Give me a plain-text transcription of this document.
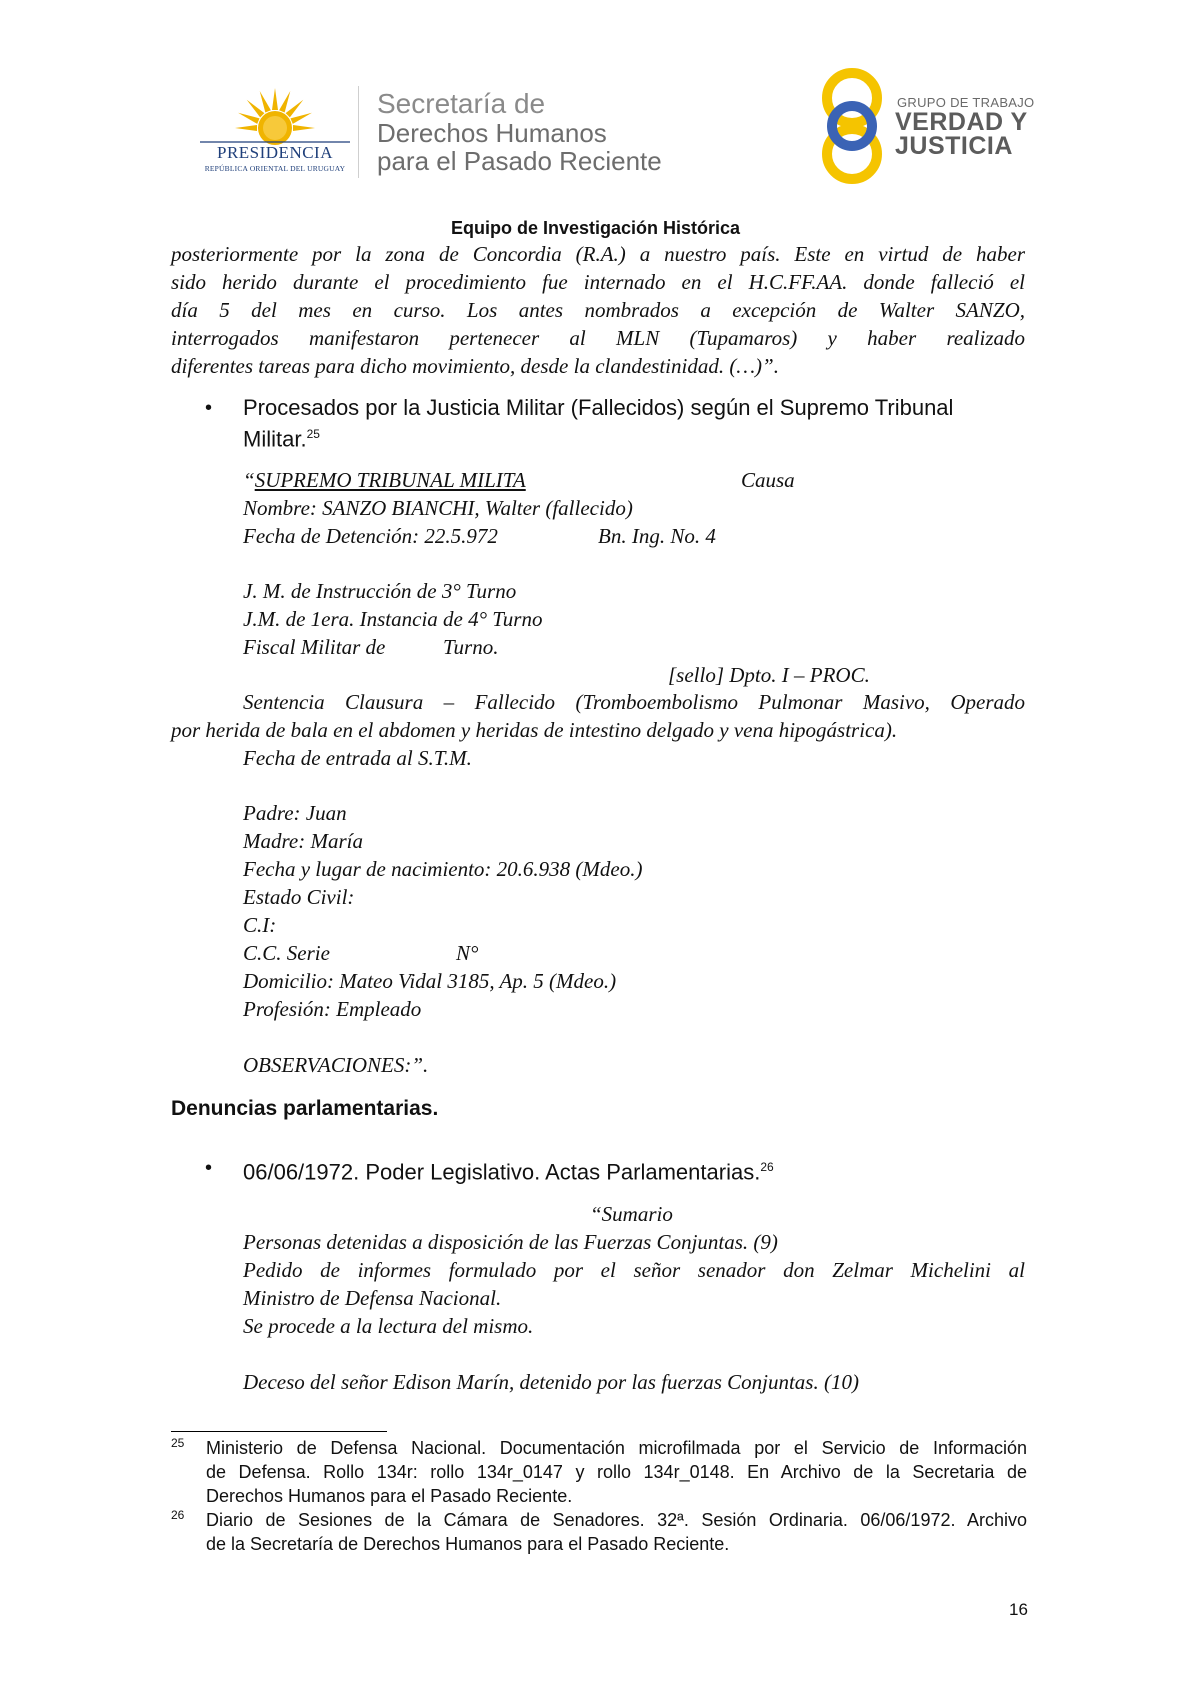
PRESIDENCIA
REPÚBLICA ORIENTAL DEL URUGUAY
Secretaría de
Derechos Humanos
para el Pasado Reciente
GRUPO DE TRABAJO
VERDAD Y
JUSTICIA
Equipo de Investigación Histórica
posteriormente por la zona de Concordia (R.A.) a nuestro país. Este en virtud de haber
sido herido durante el procedimiento fue internado en el H.C.FF.AA. donde falleció el
día 5 del mes en curso. Los antes nombrados a excepción de Walter SANZO,
interrogados manifestaron pertenecer al MLN (Tupamaros) y haber realizado
diferentes tareas para dicho movimiento, desde la clandestinidad. (…)”.
• Procesados por la Justicia Militar (Fallecidos) según el Supremo Tribunal
Militar.$^{25}$
“SUPREMO TRIBUNAL MILITA	Causa
Nombre: SANZO BIANCHI, Walter (fallecido)
Fecha de Detención: 22.5.972	Bn. Ing. No. 4
J. M. de Instrucción de 3° Turno
J.M. de 1era. Instancia de 4° Turno
Fiscal Militar de	Turno.
[sello] Dpto. I – PROC.
Sentencia Clausura – Fallecido (Tromboembolismo Pulmonar Masivo, Operado
por herida de bala en el abdomen y heridas de intestino delgado y vena hipogástrica).
Fecha de entrada al S.T.M.
Padre: Juan
Madre: María
Fecha y lugar de nacimiento: 20.6.938 (Mdeo.)
Estado Civil:
C.I:
C.C. Serie	N°
Domicilio: Mateo Vidal 3185, Ap. 5 (Mdeo.)
Profesión: Empleado
OBSERVACIONES:”.
Denuncias parlamentarias.
• 06/06/1972. Poder Legislativo. Actas Parlamentarias.$^{26}$
“Sumario
Personas detenidas a disposición de las Fuerzas Conjuntas. (9)
Pedido de informes formulado por el señor senador don Zelmar Michelini al
Ministro de Defensa Nacional.
Se procede a la lectura del mismo.
Deceso del señor Edison Marín, detenido por las fuerzas Conjuntas. (10)
25 Ministerio de Defensa Nacional. Documentación microfilmada por el Servicio de Información
de Defensa. Rollo 134r: rollo 134r_0147 y rollo 134r_0148. En Archivo de la Secretaria de
Derechos Humanos para el Pasado Reciente.
26 Diario de Sesiones de la Cámara de Senadores. 32ª. Sesión Ordinaria. 06/06/1972. Archivo
de la Secretaría de Derechos Humanos para el Pasado Reciente.
16
